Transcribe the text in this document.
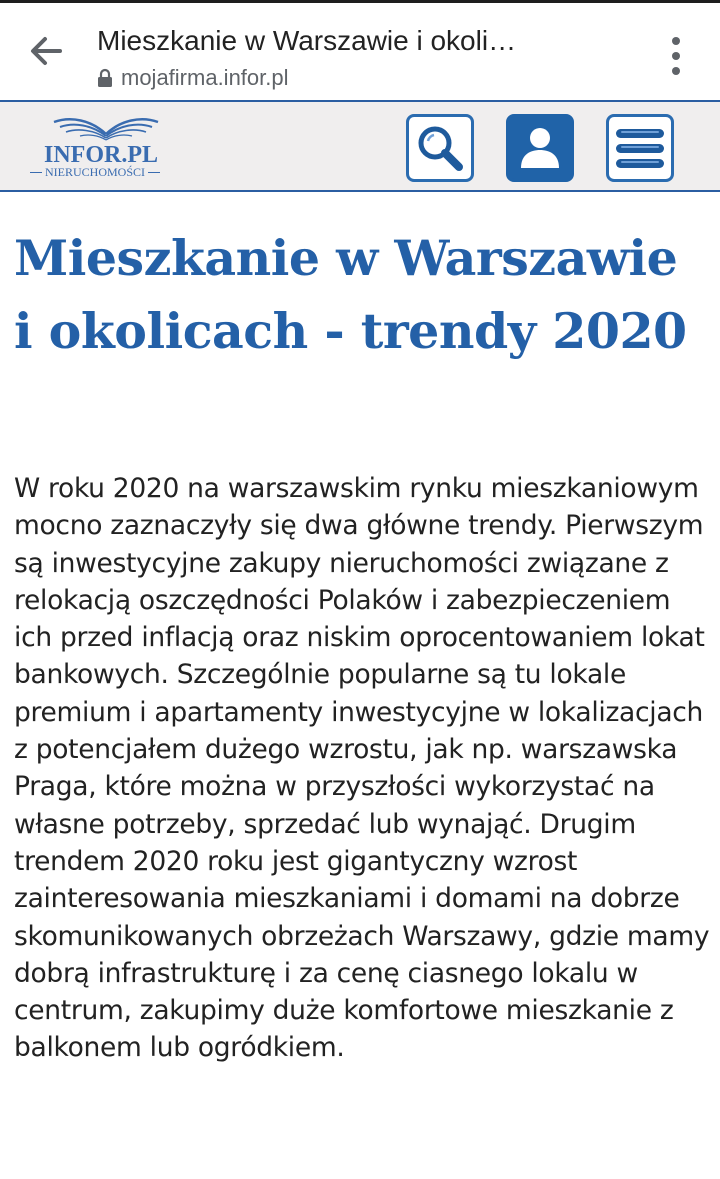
Mieszkanie w Warszawie i okoli…
mojafirma.infor.pl
INFOR.PL
NIERUCHOMOŚCI
Mieszkanie w Warszawie i okolicach - trendy 2020

W roku 2020 na warszawskim rynku mieszkaniowym mocno zaznaczyły się dwa główne trendy. Pierwszym są inwestycyjne zakupy nieruchomości związane z relokacją oszczędności Polaków i zabezpieczeniem ich przed inflacją oraz niskim oprocentowaniem lokat bankowych. Szczególnie popularne są tu lokale premium i apartamenty inwestycyjne w lokalizacjach z potencjałem dużego wzrostu, jak np. warszawska Praga, które można w przyszłości wykorzystać na własne potrzeby, sprzedać lub wynająć. Drugim trendem 2020 roku jest gigantyczny wzrost zainteresowania mieszkaniami i domami na dobrze skomunikowanych obrzeżach Warszawy, gdzie mamy dobrą infrastrukturę i za cenę ciasnego lokalu w centrum, zakupimy duże komfortowe mieszkanie z balkonem lub ogródkiem.
